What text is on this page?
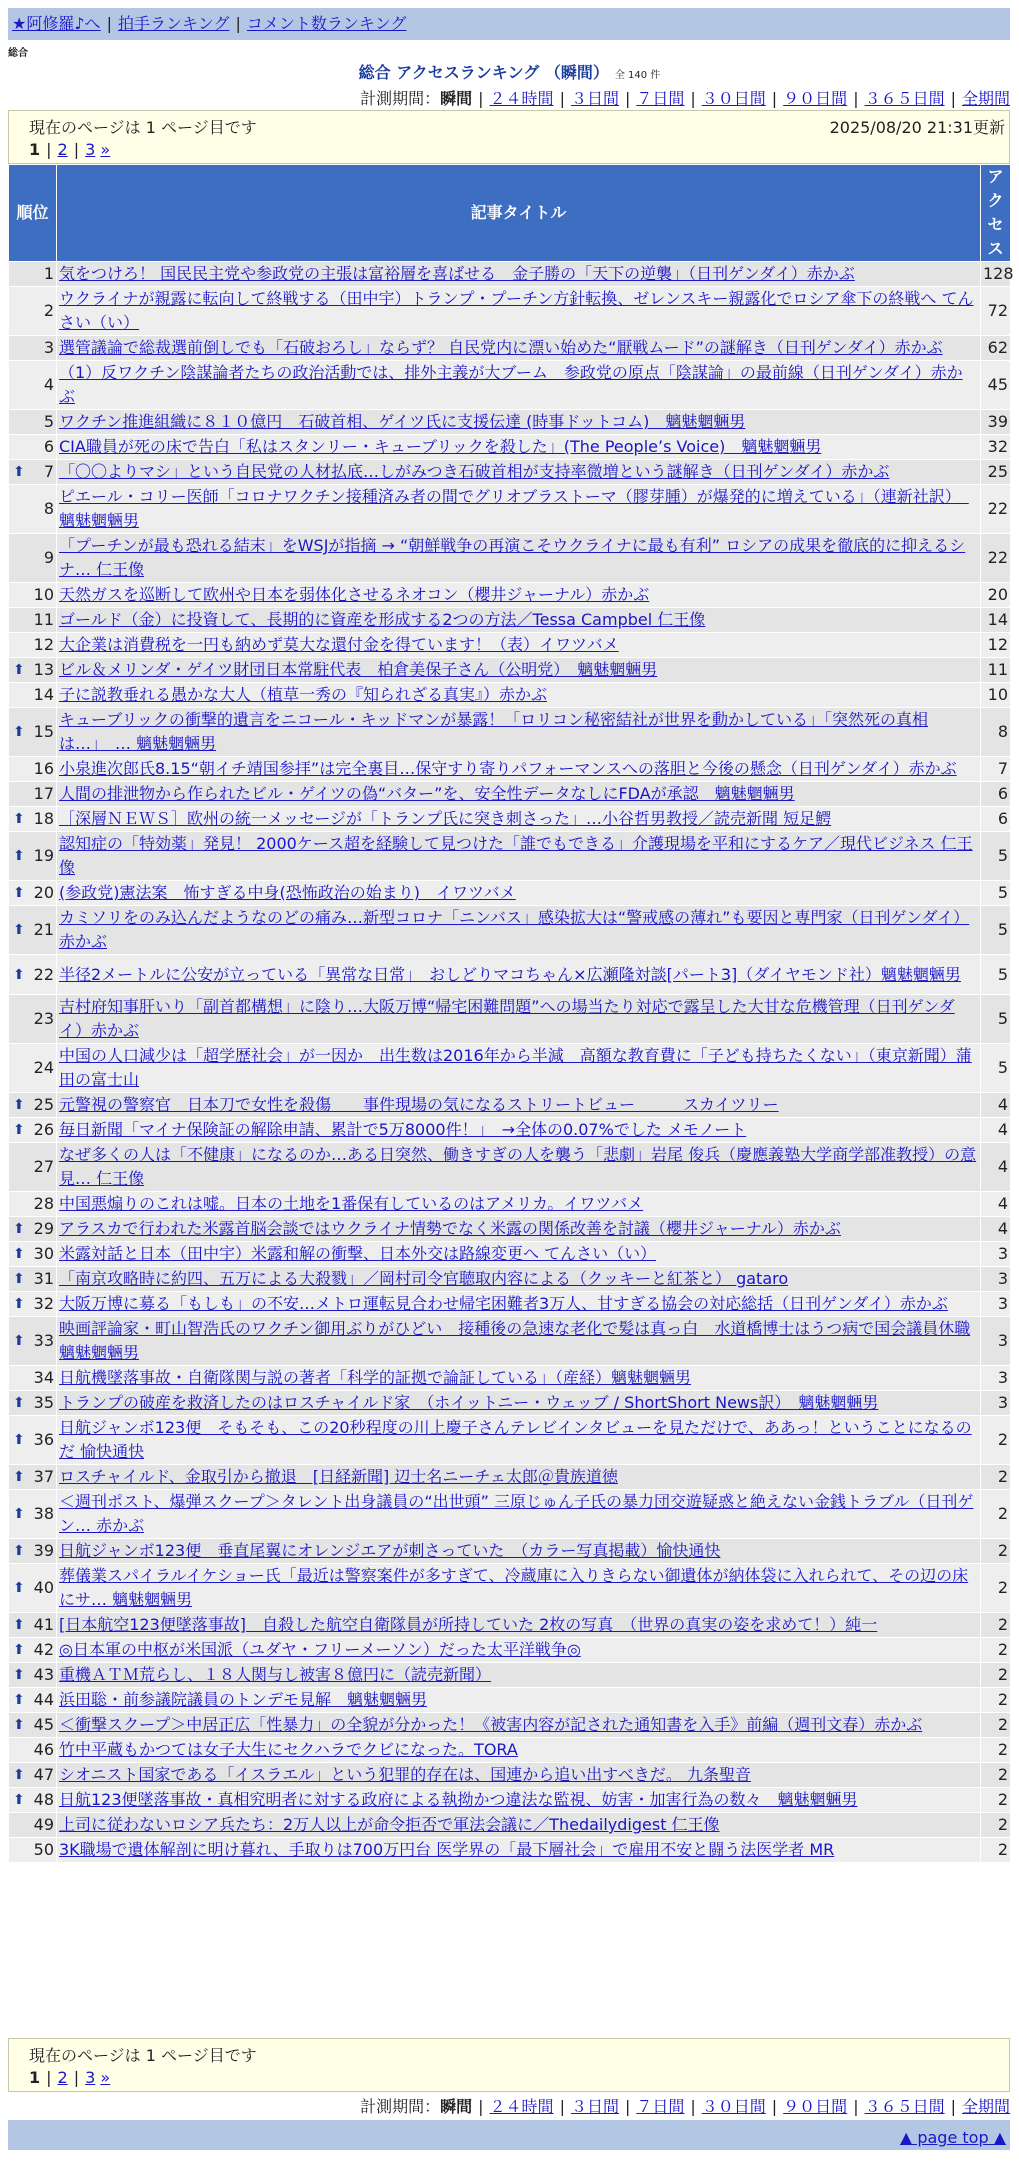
★阿修羅♪へ | 拍手ランキング | コメント数ランキング
総合
総合 アクセスランキング （瞬間） 全 140 件
計測期間：瞬間 | ２４時間 | ３日間 | ７日間 | ３０日間 | ９０日間 | ３６５日間 | 全期間
現在のページは 1 ページ目です	2025/08/20 21:31更新
1 | 2 | 3 »
順位	記事タイトル	アクセス
1	気をつけろ！ 国民民主党や参政党の主張は富裕層を喜ばせる　金子勝の「天下の逆襲」（日刊ゲンダイ）赤かぶ	128
2	ウクライナが親露に転向して終戦する（田中宇）トランプ・プーチン方針転換、ゼレンスキー親露化でロシア傘下の終戦へ てんさい（い）	72
3	選管議論で総裁選前倒しでも「石破おろし」ならず？ 自民党内に漂い始めた“厭戦ムード”の謎解き（日刊ゲンダイ）赤かぶ	62
4	（1）反ワクチン陰謀論者たちの政治活動では、排外主義が大ブーム　参政党の原点「陰謀論」の最前線（日刊ゲンダイ）赤かぶ	45
5	ワクチン推進組織に８１０億円　石破首相、ゲイツ氏に支援伝達 (時事ドットコム)　魑魅魍魎男	39
6	CIA職員が死の床で告白「私はスタンリー・キューブリックを殺した」(The People’s Voice)　魑魅魍魎男	32

⬆ 7	「〇〇よりマシ」という自民党の人材払底…しがみつき石破首相が支持率微増という謎解き（日刊ゲンダイ）赤かぶ	25
8	ピエール・コリー医師「コロナワクチン接種済み者の間でグリオブラストーマ（膠芽腫）が爆発的に増えている」（連新社訳）　魑魅魍魎男	22
9	「プーチンが最も恐れる結末」をWSJが指摘 → “朝鮮戦争の再演こそウクライナに最も有利” ロシアの成果を徹底的に抑えるシナ… 仁王像	22
10	天然ガスを巡断して欧州や日本を弱体化させるネオコン（櫻井ジャーナル）赤かぶ	20
11	ゴールド（金）に投資して、長期的に資産を形成する2つの方法／Tessa Campbel 仁王像	14
12	大企業は消費税を一円も納めず莫大な還付金を得ています！（表）イワツバメ	12

⬆ 13	ビル＆メリンダ・ゲイツ財団日本常駐代表　柏倉美保子さん（公明党）　魑魅魍魎男	11
14	子に説教垂れる愚かな大人（植草一秀の『知られざる真実』）赤かぶ	10

⬆ 15	キューブリックの衝撃的遺言をニコール・キッドマンが暴露！「ロリコン秘密結社が世界を動かしている」「突然死の真相は…」　… 魑魅魍魎男	8
16	小泉進次郎氏8.15“朝イチ靖国参拝”は完全裏目…保守すり寄りパフォーマンスへの落胆と今後の懸念（日刊ゲンダイ）赤かぶ	7
17	人間の排泄物から作られたビル・ゲイツの偽“バター”を、安全性データなしにFDAが承認　魑魅魍魎男	6

⬆ 18	［深層ＮＥＷＳ］欧州の統一メッセージが「トランプ氏に突き刺さった」…小谷哲男教授／読売新聞 短足鰐	6

⬆ 19	認知症の「特効薬」発見！ 2000ケース超を経験して見つけた「誰でもできる」介護現場を平和にするケア／現代ビジネス 仁王像	5

⬆ 20	(参政党)憲法案　怖すぎる中身(恐怖政治の始まり)　イワツバメ	5

⬆ 21	カミソリをのみ込んだようなのどの痛み…新型コロナ「ニンバス」感染拡大は“警戒感の薄れ”も要因と専門家（日刊ゲンダイ）赤かぶ	5

⬆ 22	半径2メートルに公安が立っている「異常な日常」　おしどりマコちゃん×広瀬隆対談[パート3]（ダイヤモンド社）魑魅魍魎男	5
23	吉村府知事肝いり「副首都構想」に陰り…大阪万博“帰宅困難問題”への場当たり対応で露呈した大甘な危機管理（日刊ゲンダイ）赤かぶ	5
24	中国の人口減少は「超学歴社会」が一因か　出生数は2016年から半減　高額な教育費に「子ども持ちたくない」（東京新聞）蒲田の富士山	5

⬆ 25	元警視の警察官　日本刀で女性を殺傷　　事件現場の気になるストリートビュー　　　スカイツリー	4

⬆ 26	毎日新聞「マイナ保険証の解除申請、累計で5万8000件！」　→全体の0.07%でした メモノート	4
27	なぜ多くの人は「不健康」になるのか…ある日突然、働きすぎの人を襲う「悲劇」岩尾 俊兵（慶應義塾大学商学部准教授）の意見… 仁王像	4
28	中国悪煽りのこれは嘘。日本の土地を1番保有しているのはアメリカ。イワツバメ	4

⬆ 29	アラスカで行われた米露首脳会談ではウクライナ情勢でなく米露の関係改善を討議（櫻井ジャーナル）赤かぶ	4

⬆ 30	米露対話と日本（田中宇）米露和解の衝撃、日本外交は路線変更へ てんさい（い）	3

⬆ 31	「南京攻略時に約四、五万による大殺戮」／岡村司令官聴取内容による（クッキーと紅茶と） gataro	3

⬆ 32	大阪万博に募る「もしも」の不安…メトロ運転見合わせ帰宅困難者3万人、甘すぎる協会の対応総括（日刊ゲンダイ）赤かぶ	3

⬆ 33	映画評論家・町山智浩氏のワクチン御用ぶりがひどい　接種後の急速な老化で髪は真っ白　水道橋博士はうつ病で国会議員休職 魑魅魍魎男	3
34	日航機墜落事故・自衛隊関与説の著者「科学的証拠で論証している」（産経）魑魅魍魎男	3

⬆ 35	トランプの破産を救済したのはロスチャイルド家　（ホイットニー・ウェッブ / ShortShort News訳）　魑魅魍魎男	3

⬆ 36	日航ジャンボ123便　そもそも、この20秒程度の川上慶子さんテレビインタビューを見ただけで、ああっ！ということになるのだ 愉快通快	2

⬆ 37	ロスチャイルド、金取引から撤退　[日経新聞] 辺士名ニーチェ太郎＠貴族道徳	2

⬆ 38	＜週刊ポスト、爆弾スクープ＞タレント出身議員の“出世頭” 三原じゅん子氏の暴力団交遊疑惑と絶えない金銭トラブル（日刊ゲン… 赤かぶ	2

⬆ 39	日航ジャンボ123便　垂直尾翼にオレンジエアが刺さっていた　（カラー写真掲載）愉快通快	2

⬆ 40	葬儀業スパイラルイケショー氏「最近は警察案件が多すぎて、冷蔵庫に入りきらない御遺体が納体袋に入れられて、その辺の床にサ… 魑魅魍魎男	2

⬆ 41	[日本航空123便墜落事故]　自殺した航空自衛隊員が所持していた 2枚の写真　（世界の真実の姿を求めて！）純一	2

⬆ 42	◎日本軍の中枢が米国派（ユダヤ・フリーメーソン）だった太平洋戦争◎	2

⬆ 43	重機ＡＴＭ荒らし、１８人関与し被害８億円に（読売新聞）	2

⬆ 44	浜田聡・前参議院議員のトンデモ見解　魑魅魍魎男	2

⬆ 45	＜衝撃スクープ＞中居正広「性暴力」の全貌が分かった！《被害内容が記された通知書を入手》前編（週刊文春）赤かぶ	2
46	竹中平蔵もかつては女子大生にセクハラでクビになった。TORA	2

⬆ 47	シオニスト国家である「イスラエル」という犯罪的存在は、国連から追い出すべきだ。 九条聖音	2

⬆ 48	日航123便墜落事故・真相究明者に対する政府による執拗かつ違法な監視、妨害・加害行為の数々　魑魅魍魎男	2
49	上司に従わないロシア兵たち：2万人以上が命令拒否で軍法会議に／Thedailydigest 仁王像	2
50	3K職場で遺体解剖に明け暮れ、手取りは700万円台 医学界の「最下層社会」で雇用不安と闘う法医学者 MR	2
現在のページは 1 ページ目です
1 | 2 | 3 »
計測期間：瞬間 | ２４時間 | ３日間 | ７日間 | ３０日間 | ９０日間 | ３６５日間 | 全期間
▲ page top ▲
